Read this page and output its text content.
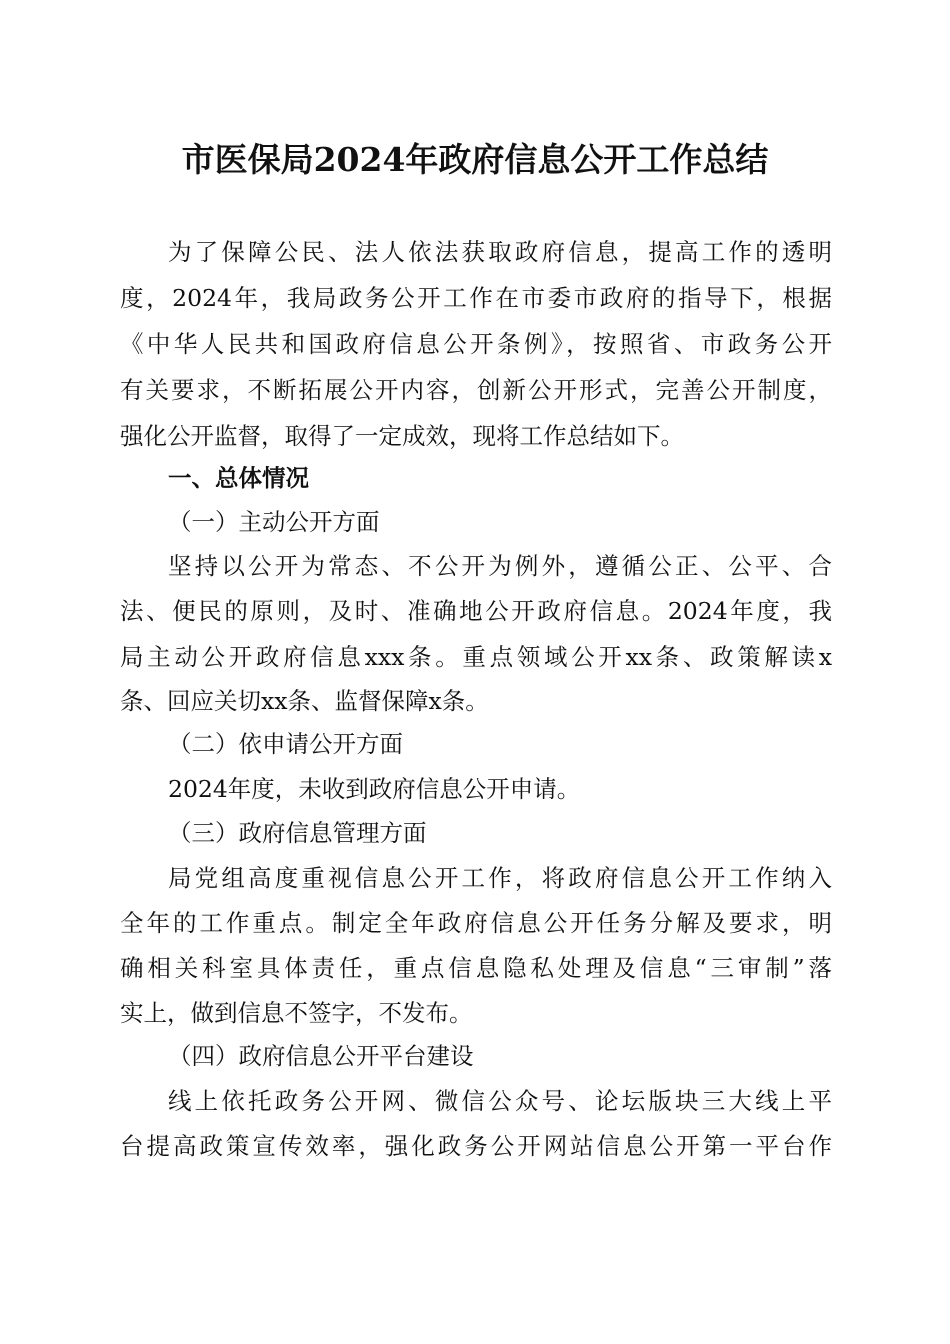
市医保局2024年政府信息公开工作总结
为了保障公民、法人依法获取政府信息，提高工作的透明
度，2024年，我局政务公开工作在市委市政府的指导下，根据
《中华人民共和国政府信息公开条例》，按照省、市政务公开
有关要求，不断拓展公开内容，创新公开形式，完善公开制度，
强化公开监督，取得了一定成效，现将工作总结如下。
一、总体情况
（一）主动公开方面
坚持以公开为常态、不公开为例外，遵循公正、公平、合
法、便民的原则，及时、准确地公开政府信息。2024年度，我
局主动公开政府信息xxx条。重点领域公开xx条、政策解读x
条、回应关切xx条、监督保障x条。
（二）依申请公开方面
2024年度，未收到政府信息公开申请。
（三）政府信息管理方面
局党组高度重视信息公开工作，将政府信息公开工作纳入
全年的工作重点。制定全年政府信息公开任务分解及要求，明
确相关科室具体责任，重点信息隐私处理及信息“三审制”落
实上，做到信息不签字，不发布。
（四）政府信息公开平台建设
线上依托政务公开网、微信公众号、论坛版块三大线上平
台提高政策宣传效率，强化政务公开网站信息公开第一平台作
